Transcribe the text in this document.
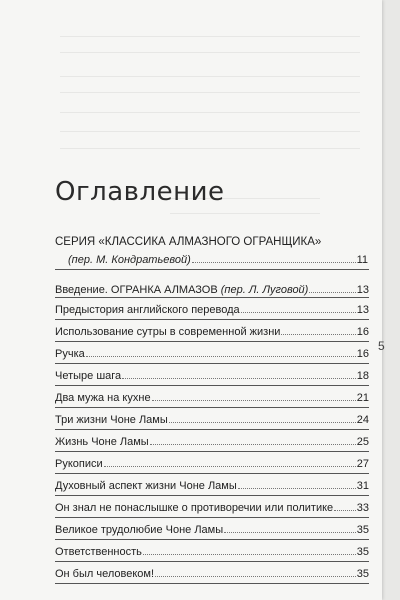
Оглавление
СЕРИЯ «КЛАССИКА АЛМАЗНОГО ОГРАНЩИКА»
(пер. М. Кондратьевой)	11
Введение. ОГРАНКА АЛМАЗОВ (пер. Л. Луговой)	13
Предыстория английского перевода	13
Использование сутры в современной жизни	16
Ручка	16
Четыре шага	18
Два мужа на кухне	21
Три жизни Чоне Ламы	24
Жизнь Чоне Ламы	25
Рукописи	27
Духовный аспект жизни Чоне Ламы	31
Он знал не понаслышке о противоречии или политике 33
Великое трудолюбие Чоне Ламы	35
Ответственность	35
Он был человеком!	35
5
